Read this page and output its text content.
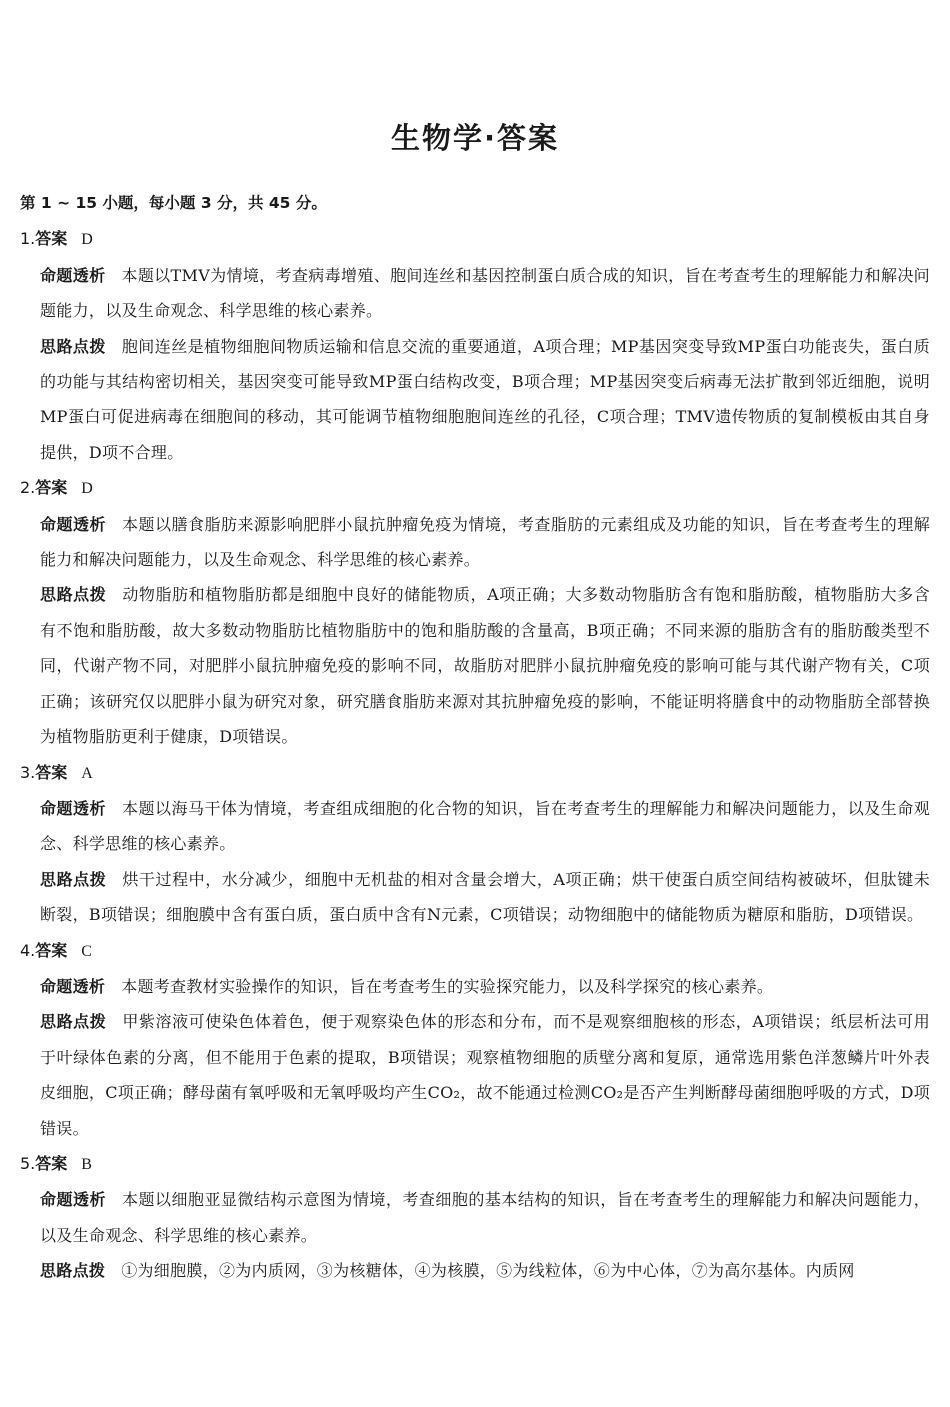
生物学·答案
第 1 ~ 15 小题，每小题 3 分，共 45 分。
1.答案 D
命题透析 本题以TMV为情境，考查病毒增殖、胞间连丝和基因控制蛋白质合成的知识，旨在考查考生的理解能力和解决问题能力，以及生命观念、科学思维的核心素养。
思路点拨 胞间连丝是植物细胞间物质运输和信息交流的重要通道，A项合理；MP基因突变导致MP蛋白功能丧失，蛋白质的功能与其结构密切相关，基因突变可能导致MP蛋白结构改变，B项合理；MP基因突变后病毒无法扩散到邻近细胞，说明MP蛋白可促进病毒在细胞间的移动，其可能调节植物细胞胞间连丝的孔径，C项合理；TMV遗传物质的复制模板由其自身提供，D项不合理。
2.答案 D
命题透析 本题以膳食脂肪来源影响肥胖小鼠抗肿瘤免疫为情境，考查脂肪的元素组成及功能的知识，旨在考查考生的理解能力和解决问题能力，以及生命观念、科学思维的核心素养。
思路点拨 动物脂肪和植物脂肪都是细胞中良好的储能物质，A项正确；大多数动物脂肪含有饱和脂肪酸，植物脂肪大多含有不饱和脂肪酸，故大多数动物脂肪比植物脂肪中的饱和脂肪酸的含量高，B项正确；不同来源的脂肪含有的脂肪酸类型不同，代谢产物不同，对肥胖小鼠抗肿瘤免疫的影响不同，故脂肪对肥胖小鼠抗肿瘤免疫的影响可能与其代谢产物有关，C项正确；该研究仅以肥胖小鼠为研究对象，研究膳食脂肪来源对其抗肿瘤免疫的影响，不能证明将膳食中的动物脂肪全部替换为植物脂肪更利于健康，D项错误。
3.答案 A
命题透析 本题以海马干体为情境，考查组成细胞的化合物的知识，旨在考查考生的理解能力和解决问题能力，以及生命观念、科学思维的核心素养。
思路点拨 烘干过程中，水分减少，细胞中无机盐的相对含量会增大，A项正确；烘干使蛋白质空间结构被破坏，但肽键未断裂，B项错误；细胞膜中含有蛋白质，蛋白质中含有N元素，C项错误；动物细胞中的储能物质为糖原和脂肪，D项错误。
4.答案 C
命题透析 本题考查教材实验操作的知识，旨在考查考生的实验探究能力，以及科学探究的核心素养。
思路点拨 甲紫溶液可使染色体着色，便于观察染色体的形态和分布，而不是观察细胞核的形态，A项错误；纸层析法可用于叶绿体色素的分离，但不能用于色素的提取，B项错误；观察植物细胞的质壁分离和复原，通常选用紫色洋葱鳞片叶外表皮细胞，C项正确；酵母菌有氧呼吸和无氧呼吸均产生CO₂，故不能通过检测CO₂是否产生判断酵母菌细胞呼吸的方式，D项错误。
5.答案 B
命题透析 本题以细胞亚显微结构示意图为情境，考查细胞的基本结构的知识，旨在考查考生的理解能力和解决问题能力，以及生命观念、科学思维的核心素养。
思路点拨 ①为细胞膜，②为内质网，③为核糖体，④为核膜，⑤为线粒体，⑥为中心体，⑦为高尔基体。内质网
